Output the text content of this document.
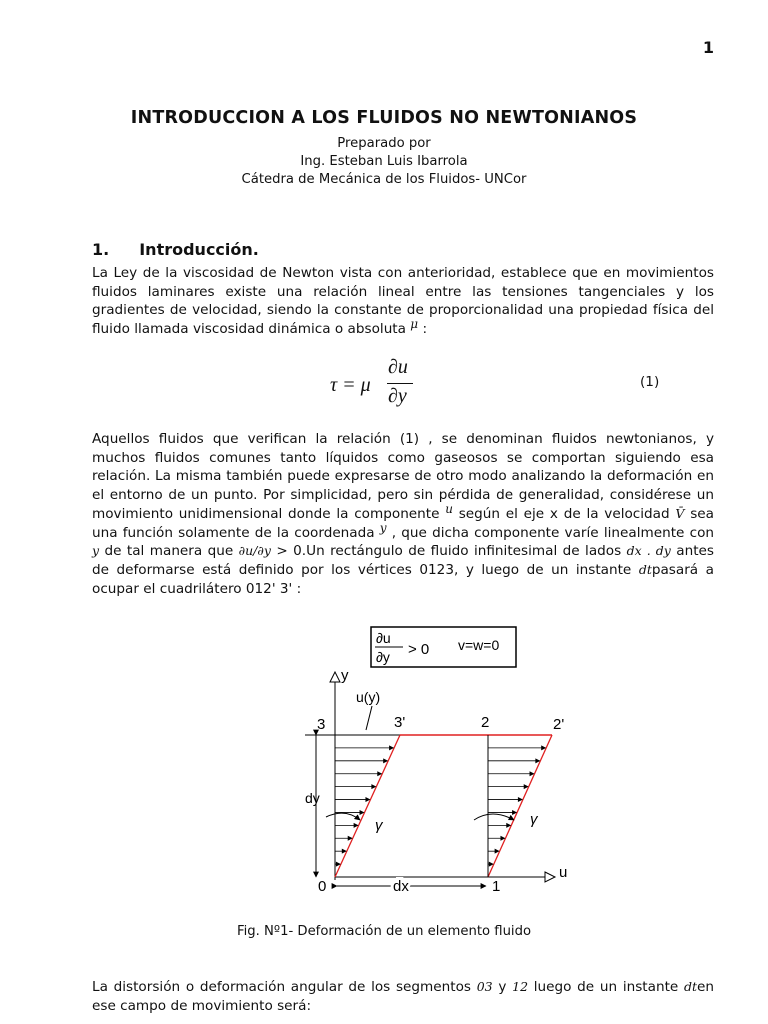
1
INTRODUCCION A LOS FLUIDOS NO NEWTONIANOS
Preparado por
Ing. Esteban Luis Ibarrola
Cátedra de Mecánica de los Fluidos- UNCor
1. Introducción.
La Ley de la viscosidad de Newton vista con anterioridad, establece que en movimientos
fluidos laminares existe una relación lineal entre las tensiones tangenciales y los
gradientes de velocidad, siendo la constante de proporcionalidad una propiedad física del
fluido llamada viscosidad dinámica o absoluta μ :
τ = μ
∂u
∂y
(1)
Aquellos fluidos que verifican la relación (1) , se denominan fluidos newtonianos, y
muchos fluidos comunes tanto líquidos como gaseosos se comportan siguiendo esa
relación. La misma también puede expresarse de otro modo analizando la deformación en
el entorno de un punto. Por simplicidad, pero sin pérdida de generalidad, considérese un
movimiento unidimensional donde la componente u según el eje x de la velocidad V̄ sea
una función solamente de la coordenada y , que dicha componente varíe linealmente con
y de tal manera que ∂u/∂y > 0.Un rectángulo de fluido infinitesimal de lados dx . dy antes
de deformarse está definido por los vértices 0123, y luego de un instante dtpasará a
ocupar el cuadrilátero 012' 3' :
∂u
∂y > 0 v=w=0
y
u
u(y)
γ	γ
dy
dx
3	3'	2	2'
0	1
Fig. Nº1- Deformación de un elemento fluido
La distorsión o deformación angular de los segmentos 03 y 12 luego de un instante dten
ese campo de movimiento será:
